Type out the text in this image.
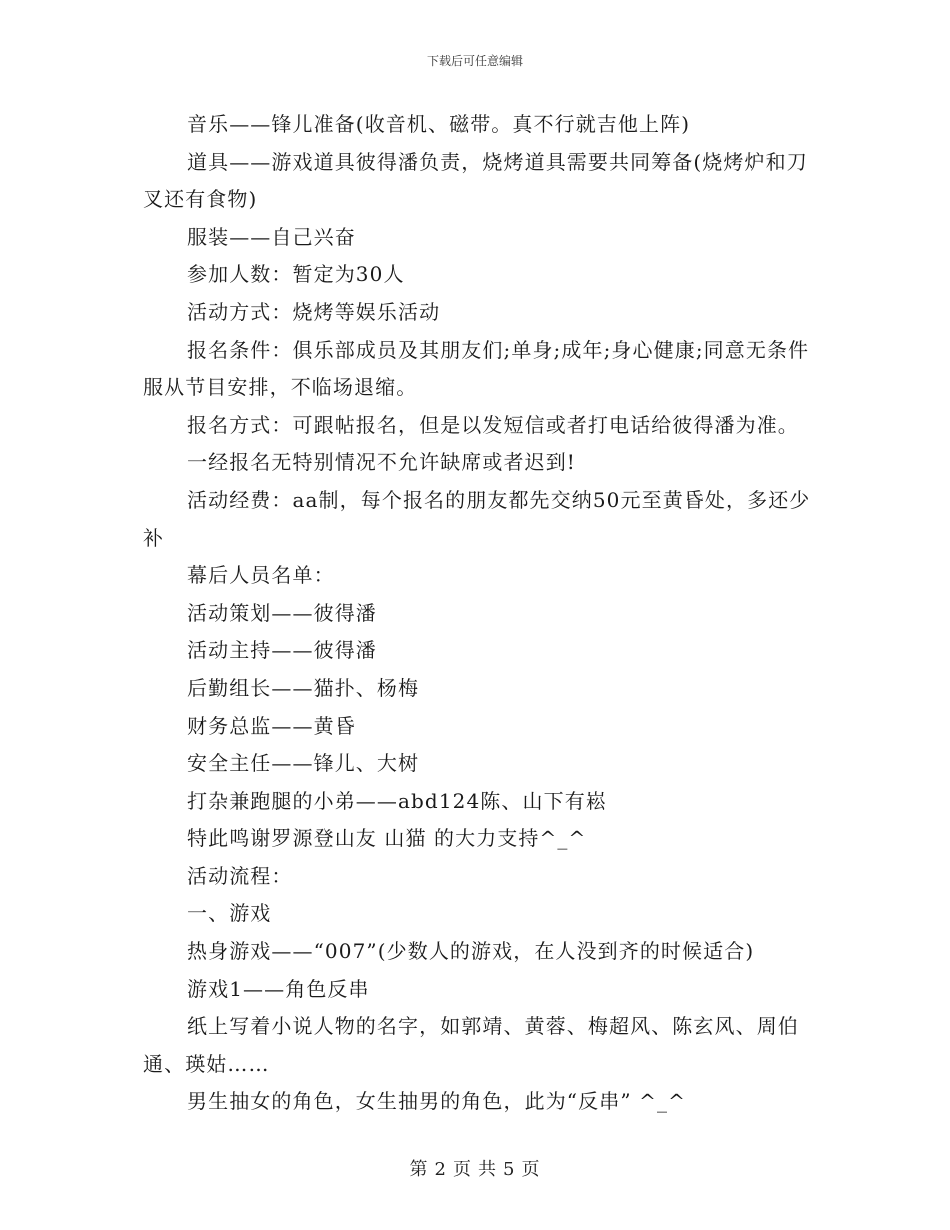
下载后可任意编辑

音乐——锋儿准备(收音机、磁带。真不行就吉他上阵)

道具——游戏道具彼得潘负责，烧烤道具需要共同筹备(烧烤炉和刀叉还有食物)

服装——自己兴奋

参加人数：暂定为30人

活动方式：烧烤等娱乐活动

报名条件：俱乐部成员及其朋友们;单身;成年;身心健康;同意无条件服从节目安排，不临场退缩。

报名方式：可跟帖报名，但是以发短信或者打电话给彼得潘为准。

一经报名无特别情况不允许缺席或者迟到!

活动经费：aa制，每个报名的朋友都先交纳50元至黄昏处，多还少补

幕后人员名单：

活动策划——彼得潘

活动主持——彼得潘

后勤组长——猫扑、杨梅

财务总监——黄昏

安全主任——锋儿、大树

打杂兼跑腿的小弟——abd124陈、山下有崧

特此鸣谢罗源登山友 山猫 的大力支持^_^

活动流程：

一、游戏

热身游戏——“007”(少数人的游戏，在人没到齐的时候适合)

游戏1——角色反串

纸上写着小说人物的名字，如郭靖、黄蓉、梅超风、陈玄风、周伯通、瑛姑……

男生抽女的角色，女生抽男的角色，此为“反串” ^_^

第 2 页 共 5 页
